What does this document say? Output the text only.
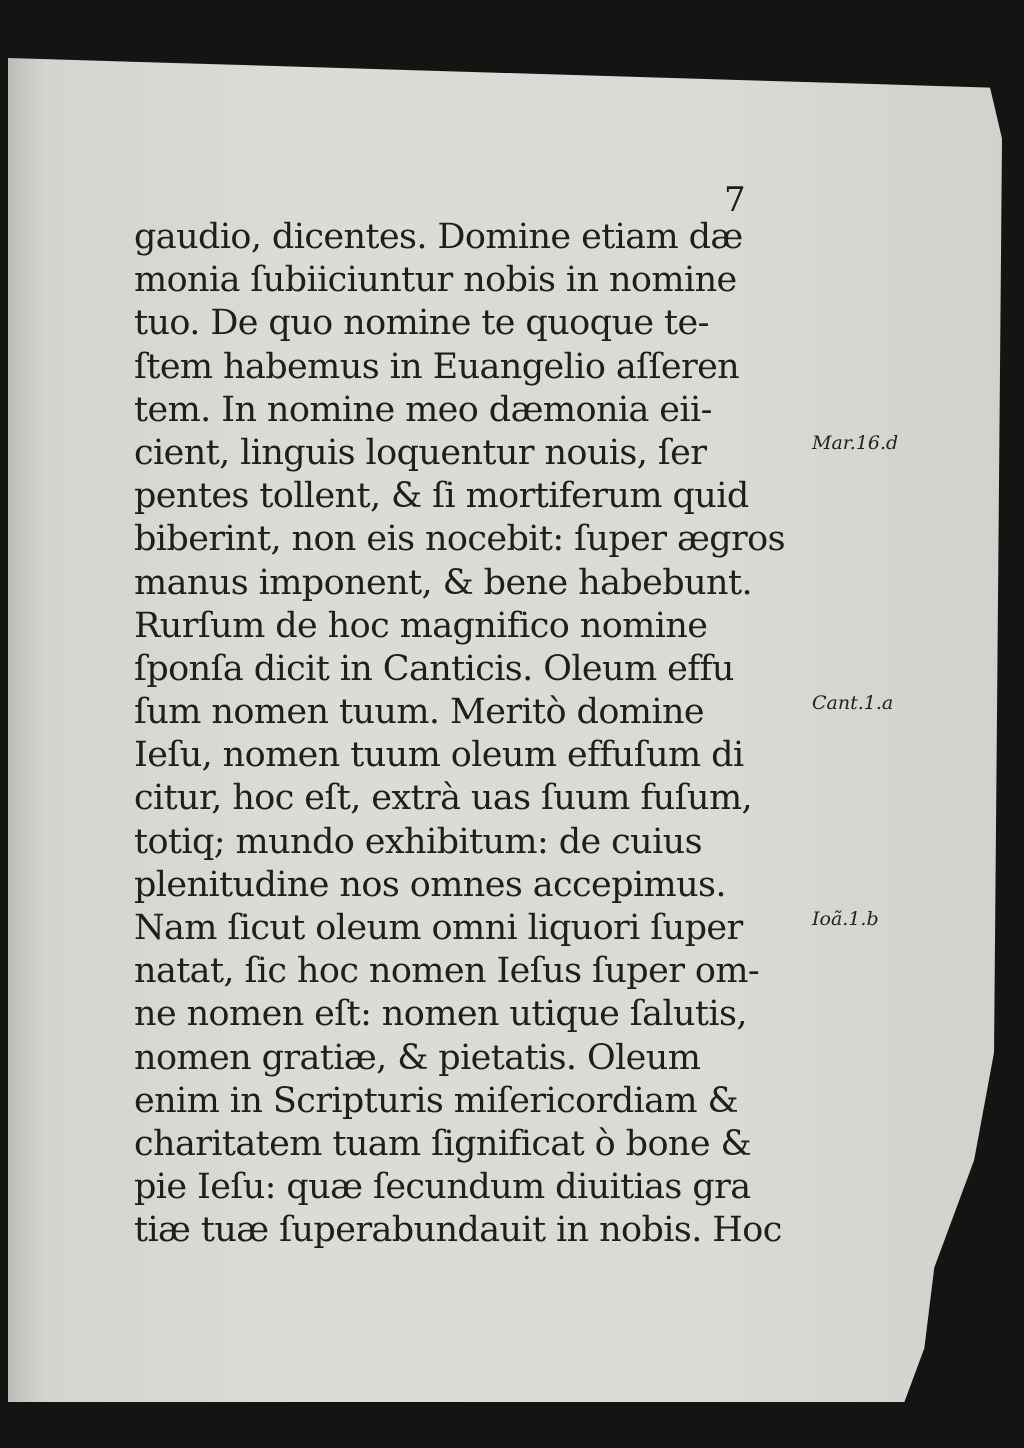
7
gaudio, dicentes. Domine etiam dæ
monia ſubiiciuntur nobis in nomine
tuo. De quo nomine te quoque te-
ſtem habemus in Euangelio aſſeren
tem. In nomine meo dæmonia eii-
cient, linguis loquentur nouis, ſer
pentes tollent, & ſi mortiferum quid
biberint, non eis nocebit: ſuper ægros
manus imponent, & bene habebunt.
Rurſum de hoc magnifico nomine
ſponſa dicit in Canticis. Oleum effu
ſum nomen tuum. Meritò domine
Ieſu, nomen tuum oleum effuſum di
citur, hoc eſt, extrà uas ſuum fuſum,
totiq; mundo exhibitum: de cuius
plenitudine nos omnes accepimus.
Nam ſicut oleum omni liquori ſuper
natat, ſic hoc nomen Ieſus ſuper om-
ne nomen eſt: nomen utique ſalutis,
nomen gratiæ, & pietatis. Oleum
enim in Scripturis miſericordiam &
charitatem tuam ſignificat ò bone &
pie Ieſu: quæ ſecundum diuitias gra
tiæ tuæ ſuperabundauit in nobis. Hoc
Mar.16.d
Cant.1.a
Ioã.1.b
